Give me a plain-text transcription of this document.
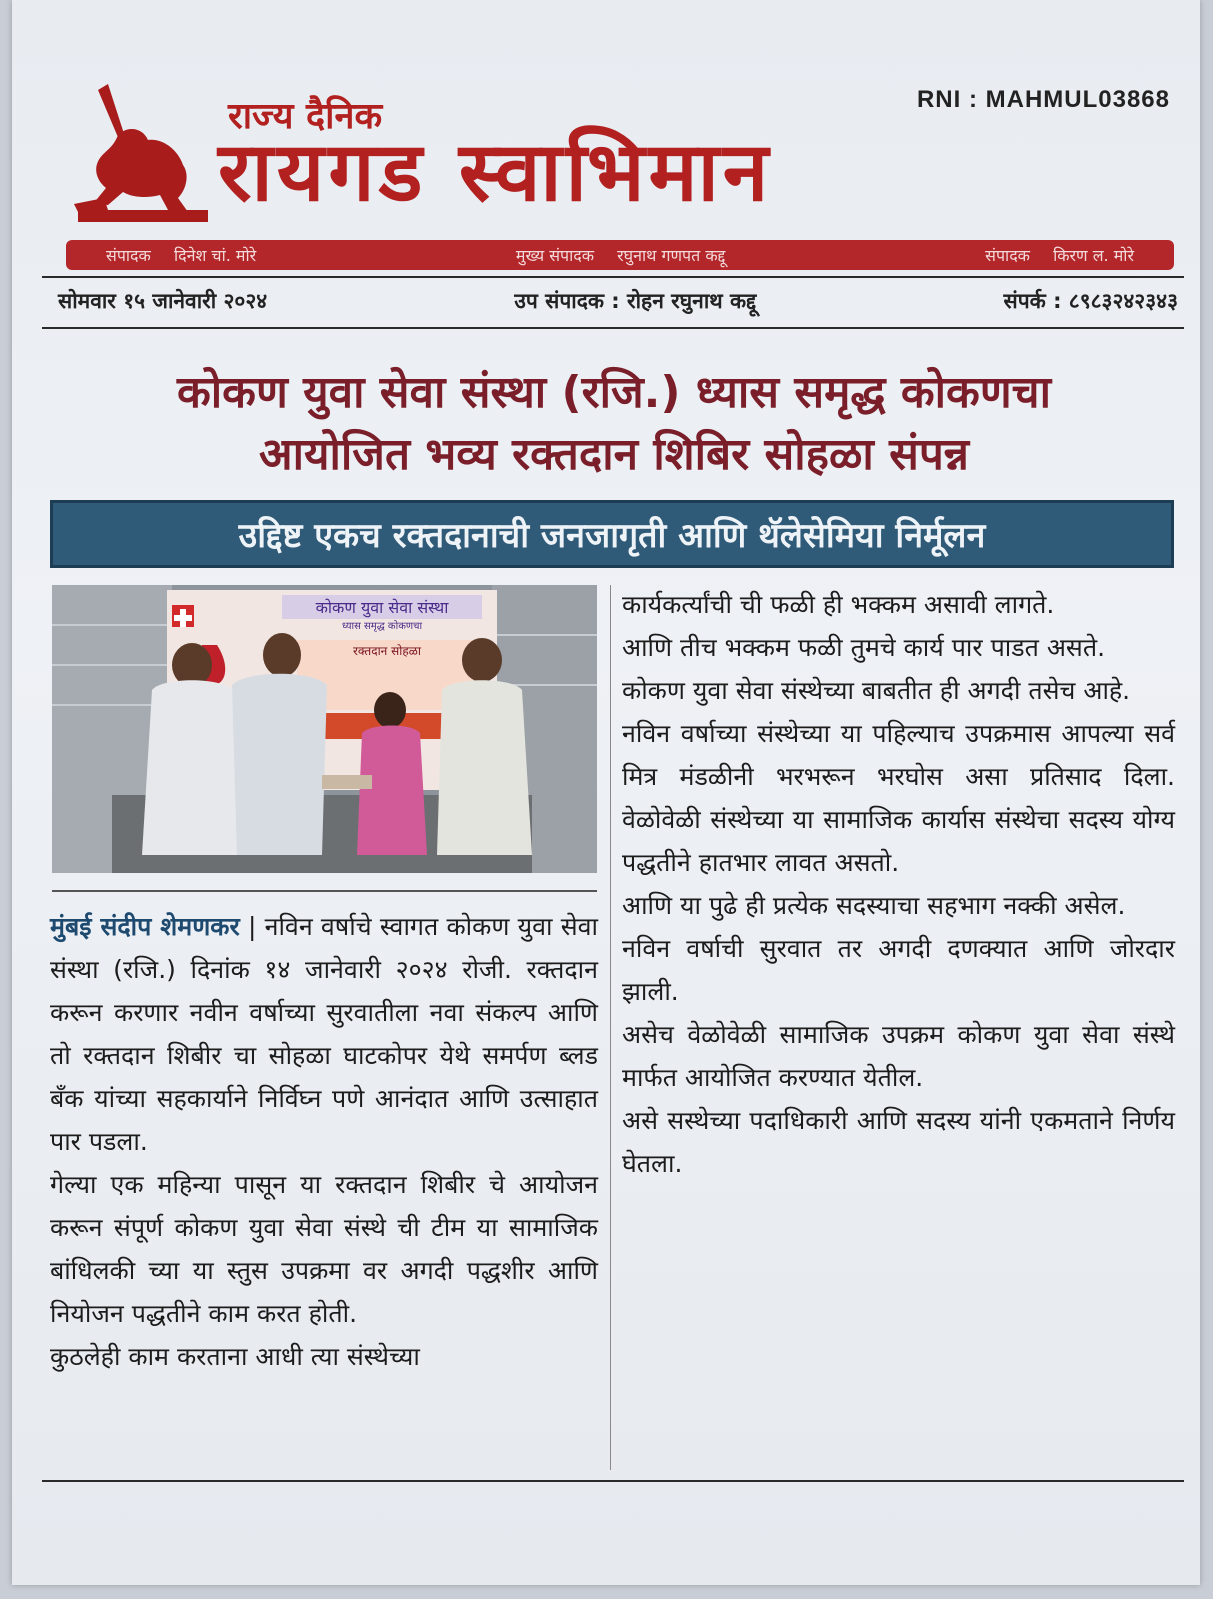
राज्य दैनिक
रायगड स्वाभिमान
RNI : MAHMUL03868
संपादक दिनेश चां. मोरे	मुख्य संपादक रघुनाथ गणपत कद्दू	संपादक किरण ल. मोरे
सोमवार १५ जानेवारी २०२४	उप संपादक : रोहन रघुनाथ कद्दू	संपर्क : ८९८३२४२३४३
कोकण युवा सेवा संस्था (रजि.) ध्यास समृद्ध कोकणचा
आयोजित भव्य रक्तदान शिबिर सोहळा संपन्न
उद्दिष्ट एकच रक्तदानाची जनजागृती आणि थॅलेसेमिया निर्मूलन
कोकण युवा सेवा संस्था
ध्यास समृद्ध कोकणचा
रक्तदान सोहळा

मुंबई संदीप शेमणकर | नविन वर्षाचे स्वागत कोकण युवा सेवा संस्था (रजि.) दिनांक १४ जानेवारी २०२४ रोजी. रक्तदान करून करणार नवीन वर्षाच्या सुरवातीला नवा संकल्प आणि तो रक्तदान शिबीर चा सोहळा घाटकोपर येथे समर्पण ब्लड बँक यांच्या सहकार्याने निर्विघ्न पणे आनंदात आणि उत्साहात पार पडला.

गेल्या एक महिन्या पासून या रक्तदान शिबीर चे आयोजन करून संपूर्ण कोकण युवा सेवा संस्थे ची टीम या सामाजिक बांधिलकी च्या या स्तुस उपक्रमा वर अगदी पद्धशीर आणि नियोजन पद्धतीने काम करत होती.

कुठलेही काम करताना आधी त्या संस्थेच्या

कार्यकर्त्यांची ची फळी ही भक्कम असावी लागते.

आणि तीच भक्कम फळी तुमचे कार्य पार पाडत असते.

कोकण युवा सेवा संस्थेच्या बाबतीत ही अगदी तसेच आहे.

नविन वर्षाच्या संस्थेच्या या पहिल्याच उपक्रमास आपल्या सर्व मित्र मंडळीनी भरभरून भरघोस असा प्रतिसाद दिला. वेळोवेळी संस्थेच्या या सामाजिक कार्यास संस्थेचा सदस्य योग्य पद्धतीने हातभार लावत असतो.

आणि या पुढे ही प्रत्येक सदस्याचा सहभाग नक्की असेल.

नविन वर्षाची सुरवात तर अगदी दणक्यात आणि जोरदार झाली.

असेच वेळोवेळी सामाजिक उपक्रम कोकण युवा सेवा संस्थे मार्फत आयोजित करण्यात येतील.

असे सस्थेच्या पदाधिकारी आणि सदस्य यांनी एकमताने निर्णय घेतला.
